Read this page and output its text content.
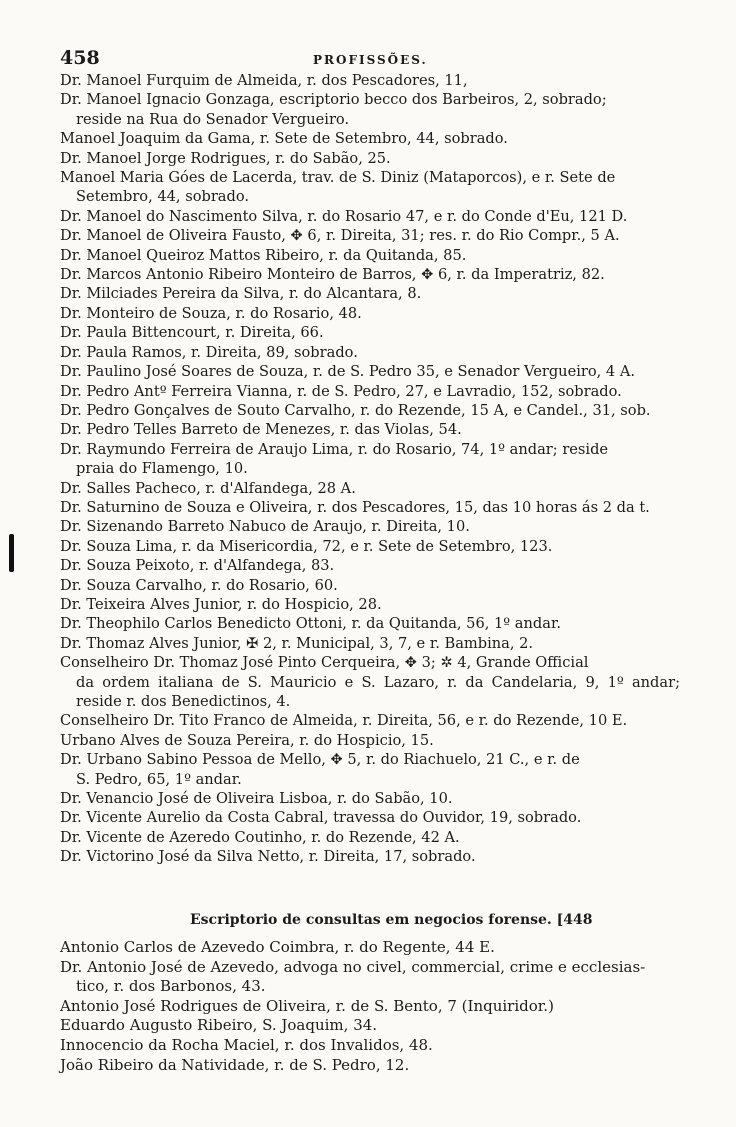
458	PROFISSÕES.
Dr. Manoel Furquim de Almeida, r. dos Pescadores, 11,
Dr. Manoel Ignacio Gonzaga, escriptorio becco dos Barbeiros, 2, sobrado;
reside na Rua do Senador Vergueiro.
Manoel Joaquim da Gama, r. Sete de Setembro, 44, sobrado.
Dr. Manoel Jorge Rodrigues, r. do Sabão, 25.
Manoel Maria Góes de Lacerda, trav. de S. Diniz (Mataporcos), e r. Sete de
Setembro, 44, sobrado.
Dr. Manoel do Nascimento Silva, r. do Rosario 47, e r. do Conde d'Eu, 121 D.
Dr. Manoel de Oliveira Fausto, ✥ 6, r. Direita, 31; res. r. do Rio Compr., 5 A.
Dr. Manoel Queiroz Mattos Ribeiro, r. da Quitanda, 85.
Dr. Marcos Antonio Ribeiro Monteiro de Barros, ✥ 6, r. da Imperatriz, 82.
Dr. Milciades Pereira da Silva, r. do Alcantara, 8.
Dr. Monteiro de Souza, r. do Rosario, 48.
Dr. Paula Bittencourt, r. Direita, 66.
Dr. Paula Ramos, r. Direita, 89, sobrado.
Dr. Paulino José Soares de Souza, r. de S. Pedro 35, e Senador Vergueiro, 4 A.
Dr. Pedro Antº Ferreira Vianna, r. de S. Pedro, 27, e Lavradio, 152, sobrado.
Dr. Pedro Gonçalves de Souto Carvalho, r. do Rezende, 15 A, e Candel., 31, sob.
Dr. Pedro Telles Barreto de Menezes, r. das Violas, 54.
Dr. Raymundo Ferreira de Araujo Lima, r. do Rosario, 74, 1º andar; reside
praia do Flamengo, 10.
Dr. Salles Pacheco, r. d'Alfandega, 28 A.
Dr. Saturnino de Souza e Oliveira, r. dos Pescadores, 15, das 10 horas ás 2 da t.
Dr. Sizenando Barreto Nabuco de Araujo, r. Direita, 10.
Dr. Souza Lima, r. da Misericordia, 72, e r. Sete de Setembro, 123.
Dr. Souza Peixoto, r. d'Alfandega, 83.
Dr. Souza Carvalho, r. do Rosario, 60.
Dr. Teixeira Alves Junior, r. do Hospicio, 28.
Dr. Theophilo Carlos Benedicto Ottoni, r. da Quitanda, 56, 1º andar.
Dr. Thomaz Alves Junior, ✠ 2, r. Municipal, 3, 7, e r. Bambina, 2.
Conselheiro Dr. Thomaz José Pinto Cerqueira, ✥ 3; ✲ 4, Grande Official
da ordem italiana de S. Mauricio e S. Lazaro, r. da Candelaria, 9, 1º andar; reside r. dos Benedictinos, 4.
Conselheiro Dr. Tito Franco de Almeida, r. Direita, 56, e r. do Rezende, 10 E.
Urbano Alves de Souza Pereira, r. do Hospicio, 15.
Dr. Urbano Sabino Pessoa de Mello, ✥ 5, r. do Riachuelo, 21 C., e r. de
S. Pedro, 65, 1º andar.
Dr. Venancio José de Oliveira Lisboa, r. do Sabão, 10.
Dr. Vicente Aurelio da Costa Cabral, travessa do Ouvidor, 19, sobrado.
Dr. Vicente de Azeredo Coutinho, r. do Rezende, 42 A.
Dr. Victorino José da Silva Netto, r. Direita, 17, sobrado.
Escriptorio de consultas em negocios forense. [448
Antonio Carlos de Azevedo Coimbra, r. do Regente, 44 E.
Dr. Antonio José de Azevedo, advoga no civel, commercial, crime e ecclesias-
tico, r. dos Barbonos, 43.
Antonio José Rodrigues de Oliveira, r. de S. Bento, 7 (Inquiridor.)
Eduardo Augusto Ribeiro, S. Joaquim, 34.
Innocencio da Rocha Maciel, r. dos Invalidos, 48.
João Ribeiro da Natividade, r. de S. Pedro, 12.
